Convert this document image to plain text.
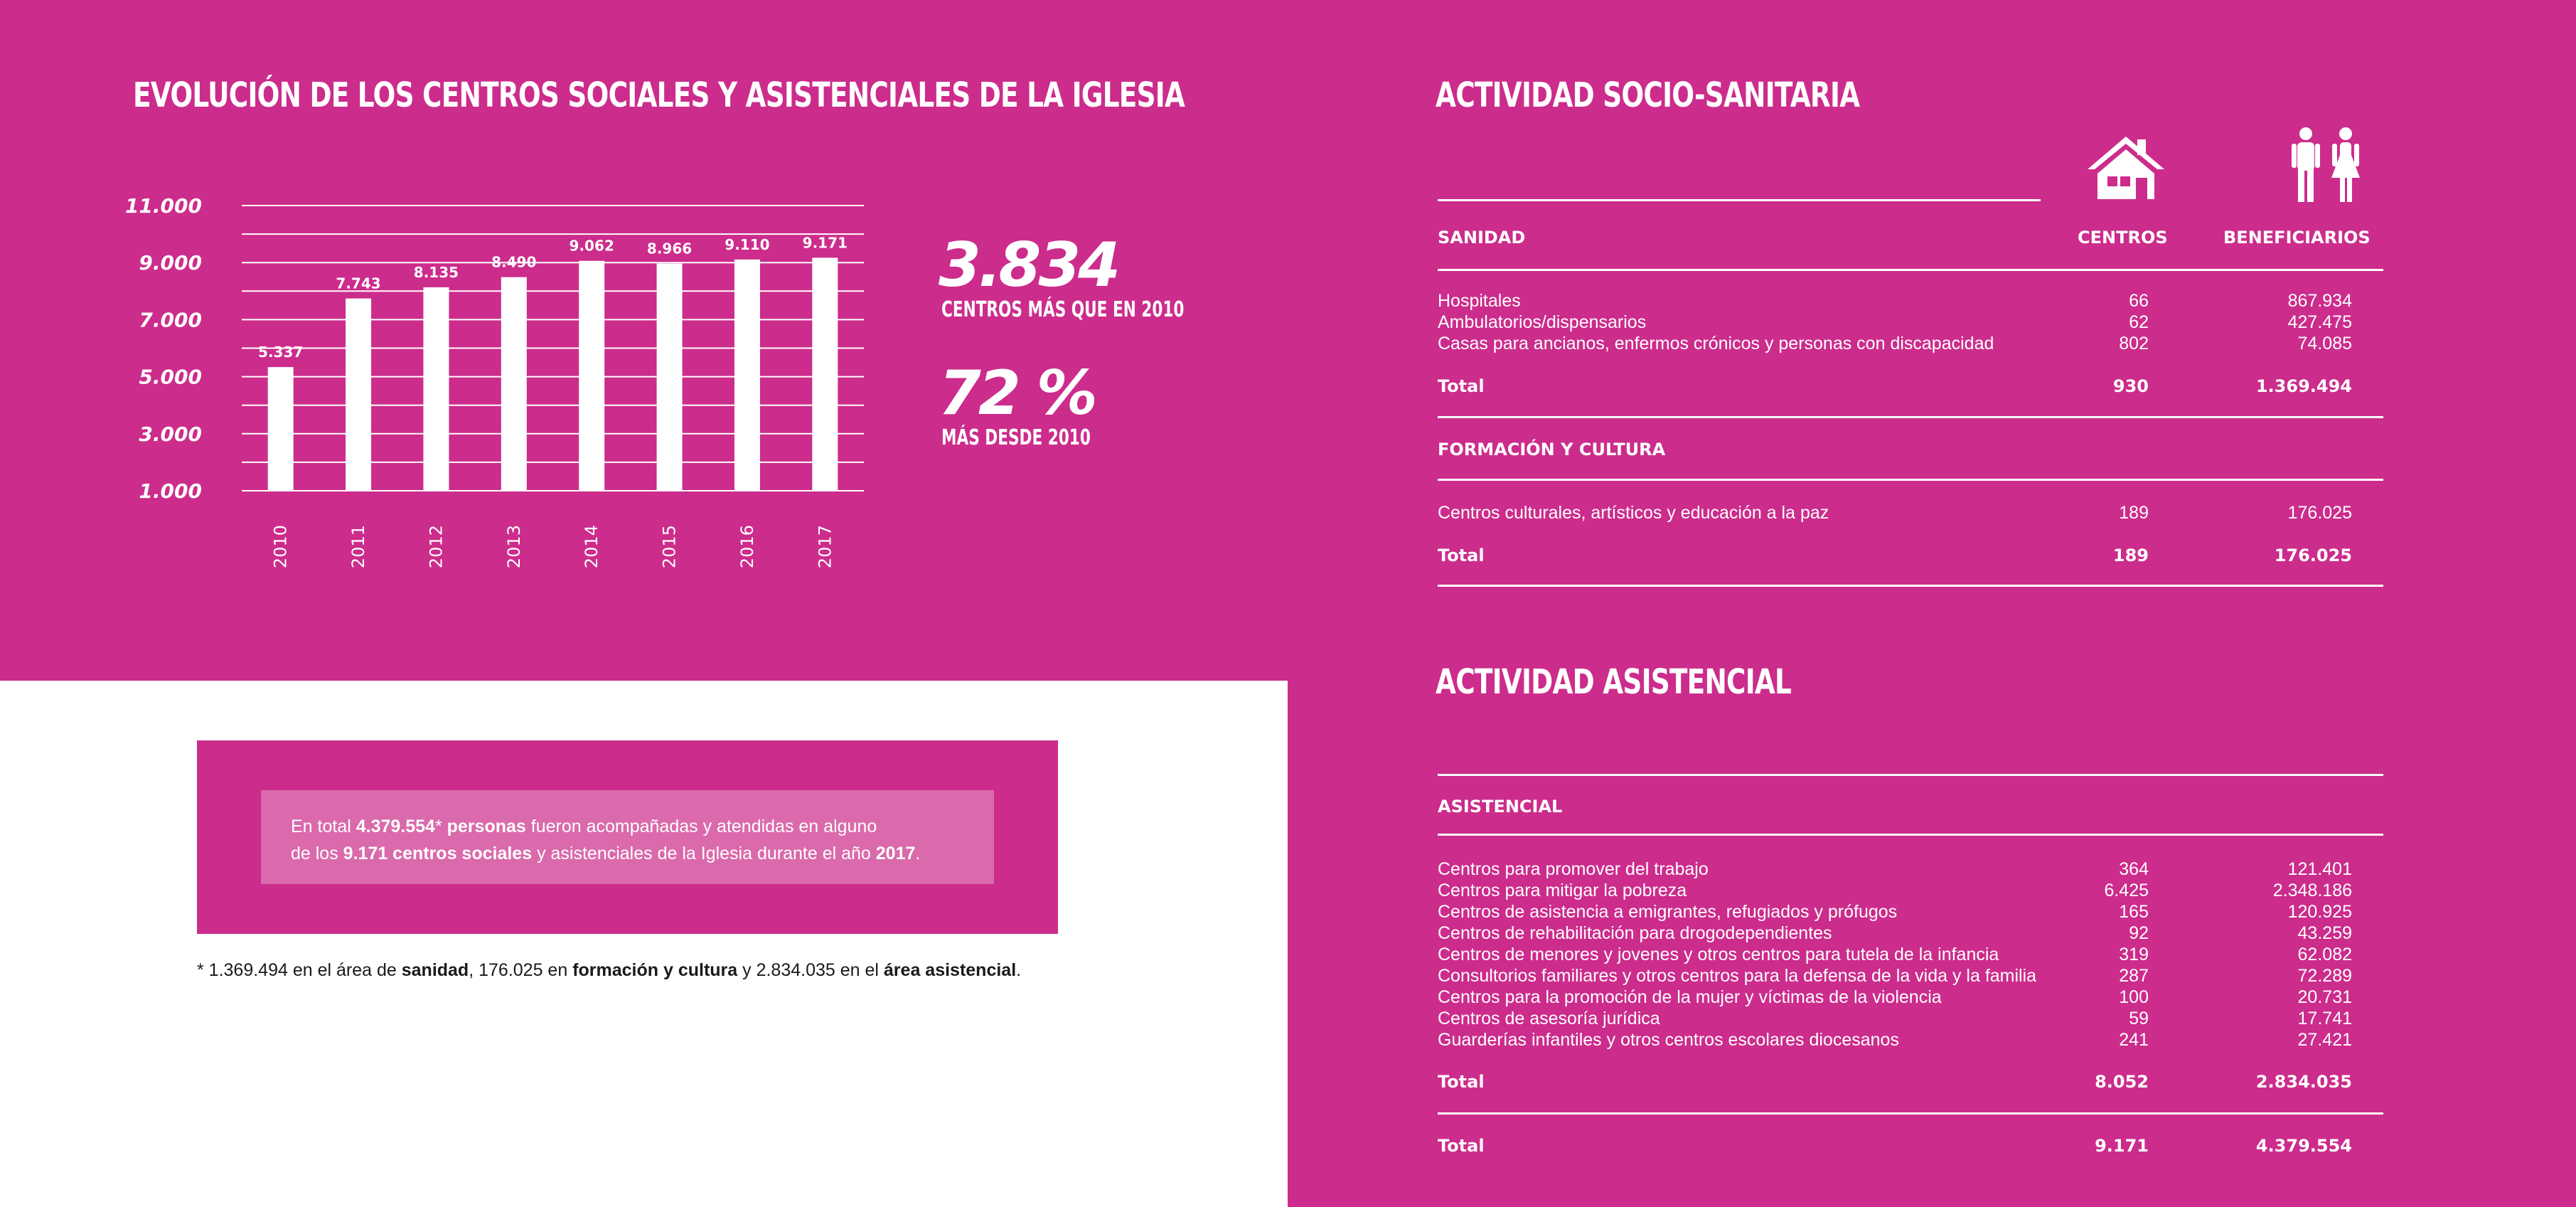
EVOLUCIÓN DE LOS CENTROS SOCIALES Y ASISTENCIALES DE LA IGLESIA
1.000
3.000
5.000
7.000
9.000
11.000
5.337
2010
7.743
2011
8.135
2012
8.490
2013
9.062
2014
8.966
2015
9.110
2016
9.171
2017
3.834
CENTROS MÁS QUE EN 2010
72 %
MÁS DESDE 2010
En total 4.379.554* personas fueron acompañadas y atendidas en alguno
de los 9.171 centros sociales y asistenciales de la Iglesia durante el año 2017.
* 1.369.494 en el área de sanidad, 176.025 en formación y cultura y 2.834.035 en el área asistencial.
ACTIVIDAD SOCIO-SANITARIA
SANIDAD	CENTROS	BENEFICIARIOS
Hospitales	66	867.934
Ambulatorios/dispensarios	62	427.475
Casas para ancianos, enfermos crónicos y personas con discapacidad	802	74.085
Total	930	1.369.494
FORMACIÓN Y CULTURA
Centros culturales, artísticos y educación a la paz	189	176.025
Total	189	176.025
ACTIVIDAD ASISTENCIAL
ASISTENCIAL
Centros para promover del trabajo	364	121.401
Centros para mitigar la pobreza	6.425	2.348.186
Centros de asistencia a emigrantes, refugiados y prófugos	165	120.925
Centros de rehabilitación para drogodependientes	92	43.259
Centros de menores y jovenes y otros centros para tutela de la infancia	319	62.082
Consultorios familiares y otros centros para la defensa de la vida y la familia	287	72.289
Centros para la promoción de la mujer y víctimas de la violencia	100	20.731
Centros de asesoría jurídica	59	17.741
Guarderías infantiles y otros centros escolares diocesanos	241	27.421
Total	8.052	2.834.035
Total	9.171	4.379.554
